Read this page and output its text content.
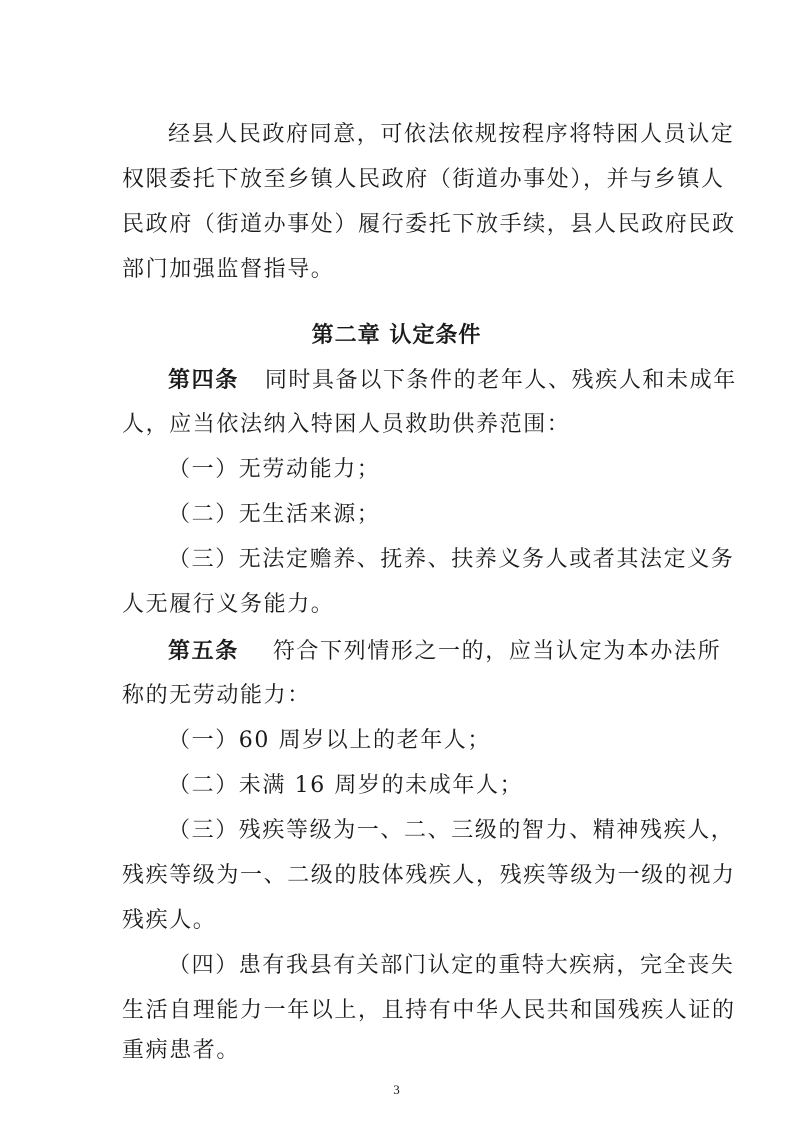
经县人民政府同意，可依法依规按程序将特困人员认定
权限委托下放至乡镇人民政府（街道办事处），并与乡镇人
民政府（街道办事处）履行委托下放手续，县人民政府民政
部门加强监督指导。
第二章 认定条件
第四条 同时具备以下条件的老年人、残疾人和未成年
人，应当依法纳入特困人员救助供养范围：
（一）无劳动能力；
（二）无生活来源；
（三）无法定赡养、抚养、扶养义务人或者其法定义务
人无履行义务能力。
第五条 符合下列情形之一的，应当认定为本办法所
称的无劳动能力：
（一）60 周岁以上的老年人；
（二）未满 16 周岁的未成年人；
（三）残疾等级为一、二、三级的智力、精神残疾人，
残疾等级为一、二级的肢体残疾人，残疾等级为一级的视力
残疾人。
（四）患有我县有关部门认定的重特大疾病，完全丧失
生活自理能力一年以上，且持有中华人民共和国残疾人证的
3
重病患者。
